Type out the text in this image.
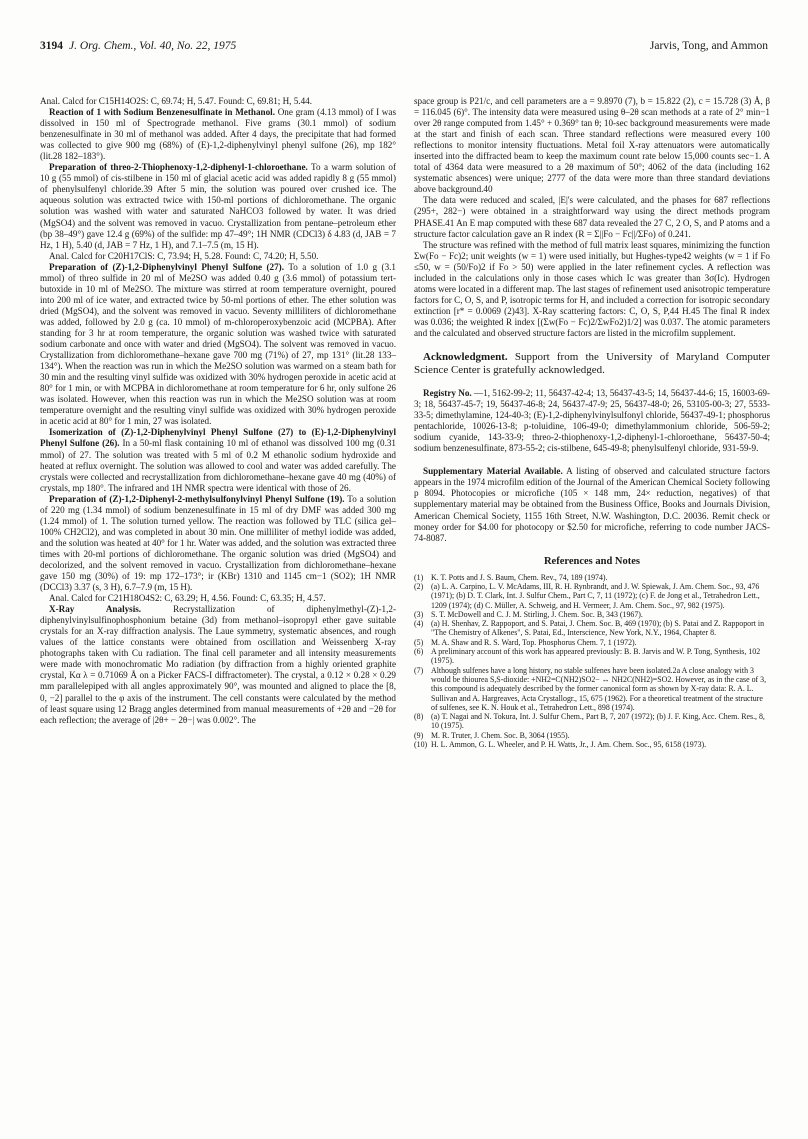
3194 J. Org. Chem., Vol. 40, No. 22, 1975	Jarvis, Tong, and Ammon

Anal. Calcd for C15H14O2S: C, 69.74; H, 5.47. Found: C, 69.81; H, 5.44.

Reaction of 1 with Sodium Benzenesulfinate in Methanol. One gram (4.13 mmol) of I was dissolved in 150 ml of Spectrograde methanol. Five grams (30.1 mmol) of sodium benzenesulfinate in 30 ml of methanol was added. After 4 days, the precipitate that had formed was collected to give 900 mg (68%) of (E)-1,2-diphenylvinyl phenyl sulfone (26), mp 182° (lit.28 182–183°).

Preparation of threo-2-Thiophenoxy-1,2-diphenyl-1-chloroethane. To a warm solution of 10 g (55 mmol) of cis-stilbene in 150 ml of glacial acetic acid was added rapidly 8 g (55 mmol) of phenylsulfenyl chloride.39 After 5 min, the solution was poured over crushed ice. The aqueous solution was extracted twice with 150-ml portions of dichloromethane. The organic solution was washed with water and saturated NaHCO3 followed by water. It was dried (MgSO4) and the solvent was removed in vacuo. Crystallization from pentane–petroleum ether (bp 38–49°) gave 12.4 g (69%) of the sulfide: mp 47–49°; 1H NMR (CDCl3) δ 4.83 (d, JAB = 7 Hz, 1 H), 5.40 (d, JAB = 7 Hz, 1 H), and 7.1–7.5 (m, 15 H).

Anal. Calcd for C20H17ClS: C, 73.94; H, 5.28. Found: C, 74.20; H, 5.50.

Preparation of (Z)-1,2-Diphenylvinyl Phenyl Sulfone (27). To a solution of 1.0 g (3.1 mmol) of threo sulfide in 20 ml of Me2SO was added 0.40 g (3.6 mmol) of potassium tert-butoxide in 10 ml of Me2SO. The mixture was stirred at room temperature overnight, poured into 200 ml of ice water, and extracted twice by 50-ml portions of ether. The ether solution was dried (MgSO4), and the solvent was removed in vacuo. Seventy milliliters of dichloromethane was added, followed by 2.0 g (ca. 10 mmol) of m-chloroperoxybenzoic acid (MCPBA). After standing for 3 hr at room temperature, the organic solution was washed twice with saturated sodium carbonate and once with water and dried (MgSO4). The solvent was removed in vacuo. Crystallization from dichloromethane–hexane gave 700 mg (71%) of 27, mp 131° (lit.28 133–134°). When the reaction was run in which the Me2SO solution was warmed on a steam bath for 30 min and the resulting vinyl sulfide was oxidized with 30% hydrogen peroxide in acetic acid at 80° for 1 min, or with MCPBA in dichloromethane at room temperature for 6 hr, only sulfone 26 was isolated. However, when this reaction was run in which the Me2SO solution was at room temperature overnight and the resulting vinyl sulfide was oxidized with 30% hydrogen peroxide in acetic acid at 80° for 1 min, 27 was isolated.

Isomerization of (Z)-1,2-Diphenylvinyl Phenyl Sulfone (27) to (E)-1,2-Diphenylvinyl Phenyl Sulfone (26). In a 50-ml flask containing 10 ml of ethanol was dissolved 100 mg (0.31 mmol) of 27. The solution was treated with 5 ml of 0.2 M ethanolic sodium hydroxide and heated at reflux overnight. The solution was allowed to cool and water was added carefully. The crystals were collected and recrystallization from dichloromethane–hexane gave 40 mg (40%) of crystals, mp 180°. The infrared and 1H NMR spectra were identical with those of 26.

Preparation of (Z)-1,2-Diphenyl-2-methylsulfonylvinyl Phenyl Sulfone (19). To a solution of 220 mg (1.34 mmol) of sodium benzenesulfinate in 15 ml of dry DMF was added 300 mg (1.24 mmol) of 1. The solution turned yellow. The reaction was followed by TLC (silica gel–100% CH2Cl2), and was completed in about 30 min. One milliliter of methyl iodide was added, and the solution was heated at 40° for 1 hr. Water was added, and the solution was extracted three times with 20-ml portions of dichloromethane. The organic solution was dried (MgSO4) and decolorized, and the solvent removed in vacuo. Crystallization from dichloromethane–hexane gave 150 mg (30%) of 19: mp 172–173°; ir (KBr) 1310 and 1145 cm−1 (SO2); 1H NMR (DCCl3) 3.37 (s, 3 H), 6.7–7.9 (m, 15 H).

Anal. Calcd for C21H18O4S2: C, 63.29; H, 4.56. Found: C, 63.35; H, 4.57.

X-Ray Analysis.	Recrystallization of diphenylmethyl-(Z)-1,2-diphenylvinylsulfinophosphonium betaine (3d) from methanol–isopropyl ether gave suitable crystals for an X-ray diffraction analysis. The Laue symmetry, systematic absences, and rough values of the lattice constants were obtained from oscillation and Weissenberg X-ray photographs taken with Cu radiation. The final cell parameter and all intensity measurements were made with monochromatic Mo radiation (by diffraction from a highly oriented graphite crystal, Kα λ = 0.71069 Å on a Picker FACS-I diffractometer). The crystal, a 0.12 × 0.28 × 0.29 mm parallelepiped with all angles approximately 90°, was mounted and aligned to place the [8, 0, −2] parallel to the φ axis of the instrument. The cell constants were calculated by the method of least square using 12 Bragg angles determined from manual measurements of +2θ and −2θ for each reflection; the average of |2θ+ − 2θ−| was 0.002°. The

space group is P21/c, and cell parameters are a = 9.8970 (7), b = 15.822 (2), c = 15.728 (3) Å, β = 116.045 (6)°. The intensity data were measured using θ–2θ scan methods at a rate of 2° min−1 over 2θ range computed from 1.45° + 0.369° tan θ; 10-sec background measurements were made at the start and finish of each scan. Three standard reflections were measured every 100 reflections to monitor intensity fluctuations. Metal foil X-ray attenuators were automatically inserted into the diffracted beam to keep the maximum count rate below 15,000 counts sec−1. A total of 4364 data were measured to a 2θ maximum of 50°; 4062 of the data (including 162 systematic absences) were unique; 2777 of the data were more than three standard deviations above background.40

The data were reduced and scaled, |E|'s were calculated, and the phases for 687 reflections (295+, 282−) were obtained in a straightforward way using the direct methods program PHASE.41 An E map computed with these 687 data revealed the 27 C, 2 O, S, and P atoms and a structure factor calculation gave an R index (R = Σ||Fo − Fc||/ΣFo) of 0.241.

The structure was refined with the method of full matrix least squares, minimizing the function Σw(Fo − Fc)2; unit weights (w = 1) were used initially, but Hughes-type42 weights (w = 1 if Fo ≤50, w = (50/Fo)2 if Fo > 50) were applied in the later refinement cycles. A reflection was included in the calculations only in those cases which Ic was greater than 3σ(Ic). Hydrogen atoms were located in a different map. The last stages of refinement used anisotropic temperature factors for C, O, S, and P, isotropic terms for H, and included a correction for isotropic secondary extinction [r* = 0.0069 (2)43]. X-Ray scattering factors: C, O, S, P,44 H.45 The final R index was 0.036; the weighted R index [(Σw(Fo − Fc)2/ΣwFo2)1/2] was 0.037. The atomic parameters and the calculated and observed structure factors are listed in the microfilm supplement.

Acknowledgment. Support from the University of Maryland Computer Science Center is gratefully acknowledged.

Registry No. —1, 5162-99-2; 11, 56437-42-4; 13, 56437-43-5; 14, 56437-44-6; 15, 16003-69-3; 18, 56437-45-7; 19, 56437-46-8; 24, 56437-47-9; 25, 56437-48-0; 26, 53105-00-3; 27, 5533-33-5; dimethylamine, 124-40-3; (E)-1,2-diphenylvinylsulfonyl chloride, 56437-49-1; phosphorus pentachloride, 10026-13-8; p-toluidine, 106-49-0; dimethylammonium chloride, 506-59-2; sodium cyanide, 143-33-9; threo-2-thiophenoxy-1,2-diphenyl-1-chloroethane, 56437-50-4; sodium benzenesulfinate, 873-55-2; cis-stilbene, 645-49-8; phenylsulfenyl chloride, 931-59-9.

Supplementary Material Available. A listing of observed and calculated structure factors appears in the 1974 microfilm edition of the Journal of the American Chemical Society following p 8094. Photocopies or microfiche (105 × 148 mm, 24× reduction, negatives) of that supplementary material may be obtained from the Business Office, Books and Journals Division, American Chemical Society, 1155 16th Street, N.W. Washington, D.C. 20036. Remit check or money order for $4.00 for photocopy or $2.50 for microfiche, referring to code number JACS-74-8087.

References and Notes
(1) K. T. Potts and J. S. Baum, Chem. Rev., 74, 189 (1974).
(2) (a) L. A. Carpino, L. V. McAdams, III, R. H. Rynbrandt, and J. W. Spiewak, J. Am. Chem. Soc., 93, 476 (1971); (b) D. T. Clark, Int. J. Sulfur Chem., Part C, 7, 11 (1972); (c) F. de Jong et al., Tetrahedron Lett., 1209 (1974); (d) C. Müller, A. Schweig, and H. Vermeer, J. Am. Chem. Soc., 97, 982 (1975).
(3) S. T. McDowell and C. J. M. Stirling, J. Chem. Soc. B, 343 (1967).
(4) (a) H. Shenhav, Z. Rappoport, and S. Patai, J. Chem. Soc. B, 469 (1970); (b) S. Patai and Z. Rappoport in "The Chemistry of Alkenes", S. Patai, Ed., Interscience, New York, N.Y., 1964, Chapter 8.
(5) M. A. Shaw and R. S. Ward, Top. Phosphorus Chem. 7, 1 (1972).
(6) A preliminary account of this work has appeared previously: B. B. Jarvis and W. P. Tong, Synthesis, 102 (1975).
(7) Although sulfenes have a long history, no stable sulfenes have been isolated.2a A close analogy with 3 would be thiourea S,S-dioxide: +NH2=C(NH2)SO2− ↔ NH2C(NH2)=SO2. However, as in the case of 3, this compound is adequately described by the former canonical form as shown by X-ray data: R. A. L. Sullivan and A. Hargreaves, Acta Crystallogr., 15, 675 (1962). For a theoretical treatment of the structure of sulfenes, see K. N. Houk et al., Tetrahedron Lett., 898 (1974).
(8) (a) T. Nagai and N. Tokura, Int. J. Sulfur Chem., Part B, 7, 207 (1972); (b) J. F. King, Acc. Chem. Res., 8, 10 (1975).
(9) M. R. Truter, J. Chem. Soc. B, 3064 (1955).
(10) H. L. Ammon, G. L. Wheeler, and P. H. Watts, Jr., J. Am. Chem. Soc., 95, 6158 (1973).
